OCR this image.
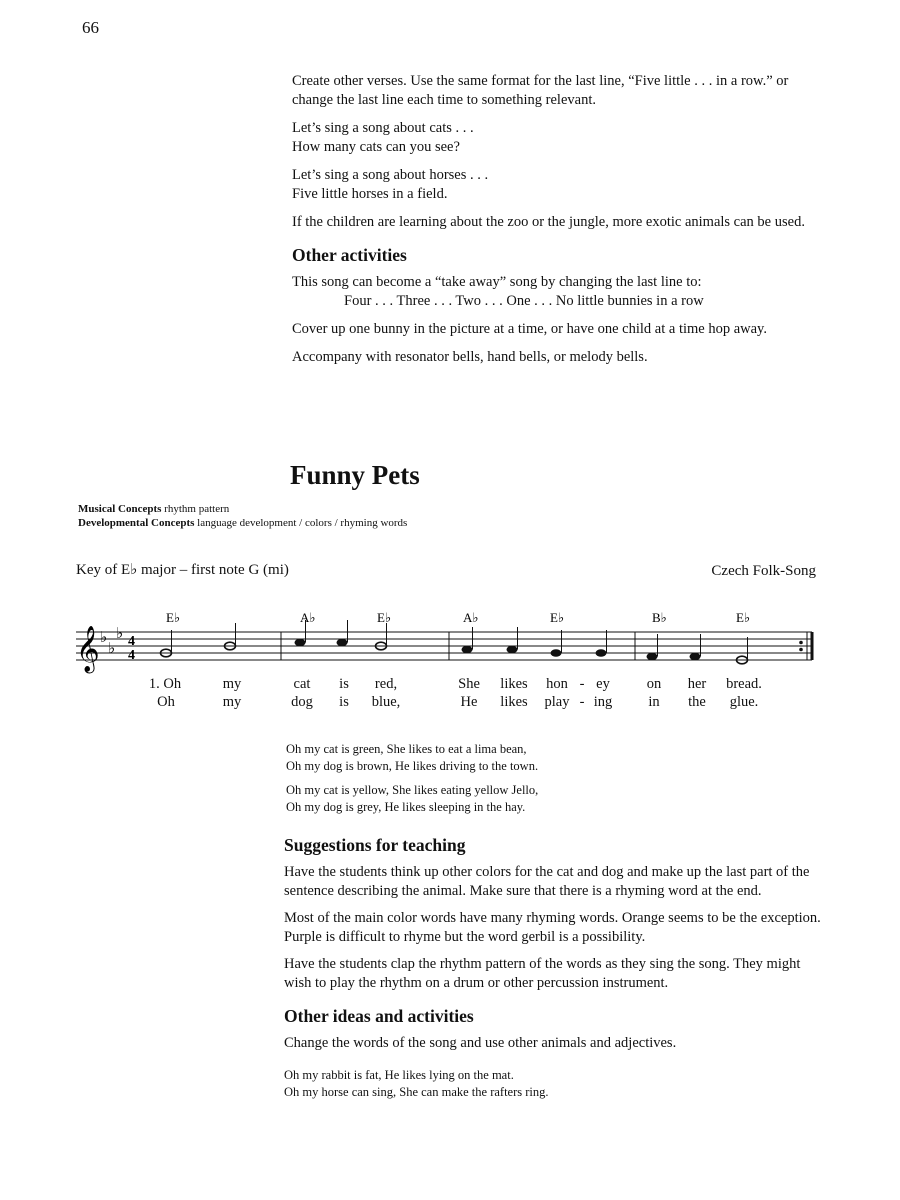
66

Create other verses. Use the same format for the last line, “Five little . . . in a row.” or change the last line each time to something relevant.

Let’s sing a song about cats . . .
How many cats can you see?

Let’s sing a song about horses . . .
Five little horses in a field.

If the children are learning about the zoo or the jungle, more exotic animals can be used.

Other activities

This song can become a “take away” song by changing the last line to:

Four . . . Three . . . Two . . . One . . . No little bunnies in a row

Cover up one bunny in the picture at a time, or have one child at a time hop away.

Accompany with resonator bells, hand bells, or melody bells.

Funny Pets
Musical Concepts rhythm pattern
Developmental Concepts language development / colors / rhyming words
Key of E♭ major – first note G (mi)	Czech Folk-Song
E♭	A♭	E♭	A♭	E♭	B♭	E♭
𝄞 ♭
♭
♭ 4
4
1. Oh	my	cat is red,	She likes hon - ey	on her bread.
Oh	my	dog is blue,	He likes play - ing in the glue.

Oh my cat is green, She likes to eat a lima bean,
Oh my dog is brown, He likes driving to the town.

Oh my cat is yellow, She likes eating yellow Jello,
Oh my dog is grey, He likes sleeping in the hay.

Suggestions for teaching

Have the students think up other colors for the cat and dog and make up the last part of the sentence describing the animal. Make sure that there is a rhyming word at the end.

Most of the main color words have many rhyming words. Orange seems to be the exception. Purple is difficult to rhyme but the word gerbil is a possibility.

Have the students clap the rhythm pattern of the words as they sing the song. They might wish to play the rhythm on a drum or other percussion instrument.

Other ideas and activities

Change the words of the song and use other animals and adjectives.

Oh my rabbit is fat, He likes lying on the mat.
Oh my horse can sing, She can make the rafters ring.
